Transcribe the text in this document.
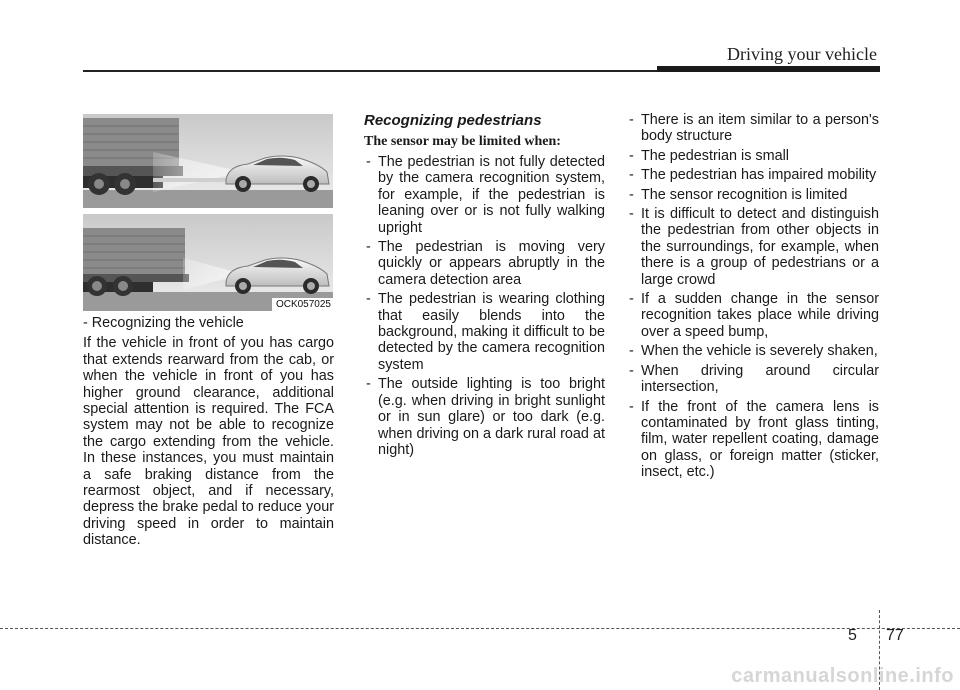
Driving your vehicle
OCK057025

- Recognizing the vehicle

If the vehicle in front of you has cargo that extends rearward from the cab, or when the vehicle in front of you has higher ground clearance, additional special attention is required. The FCA system may not be able to recognize the cargo extending from the vehicle. In these instances, you must maintain a safe braking distance from the rearmost object, and if necessary, depress the brake pedal to reduce your driving speed in order to maintain distance.

Recognizing pedestrians

The sensor may be limited when:

- The pedestrian is not fully detected by the camera recognition system, for example, if the pedestrian is leaning over or is not fully walking upright
- The pedestrian is moving very quickly or appears abruptly in the camera detection area
- The pedestrian is wearing clothing that easily blends into the background, making it difficult to be detected by the camera recognition system
- The outside lighting is too bright (e.g. when driving in bright sunlight or in sun glare) or too dark (e.g. when driving on a dark rural road at night)
- There is an item similar to a person's body structure
- The pedestrian is small
- The pedestrian has impaired mobility
- The sensor recognition is limited
- It is difficult to detect and distinguish the pedestrian from other objects in the surroundings, for example, when there is a group of pedestrians or a large crowd
- If a sudden change in the sensor recognition takes place while driving over a speed bump,
- When the vehicle is severely shaken,
- When driving around circular intersection,
- If the front of the camera lens is contaminated by front glass tinting, film, water repellent coating, damage on glass, or foreign matter (sticker, insect, etc.)
5 77
carmanualsonline.info
